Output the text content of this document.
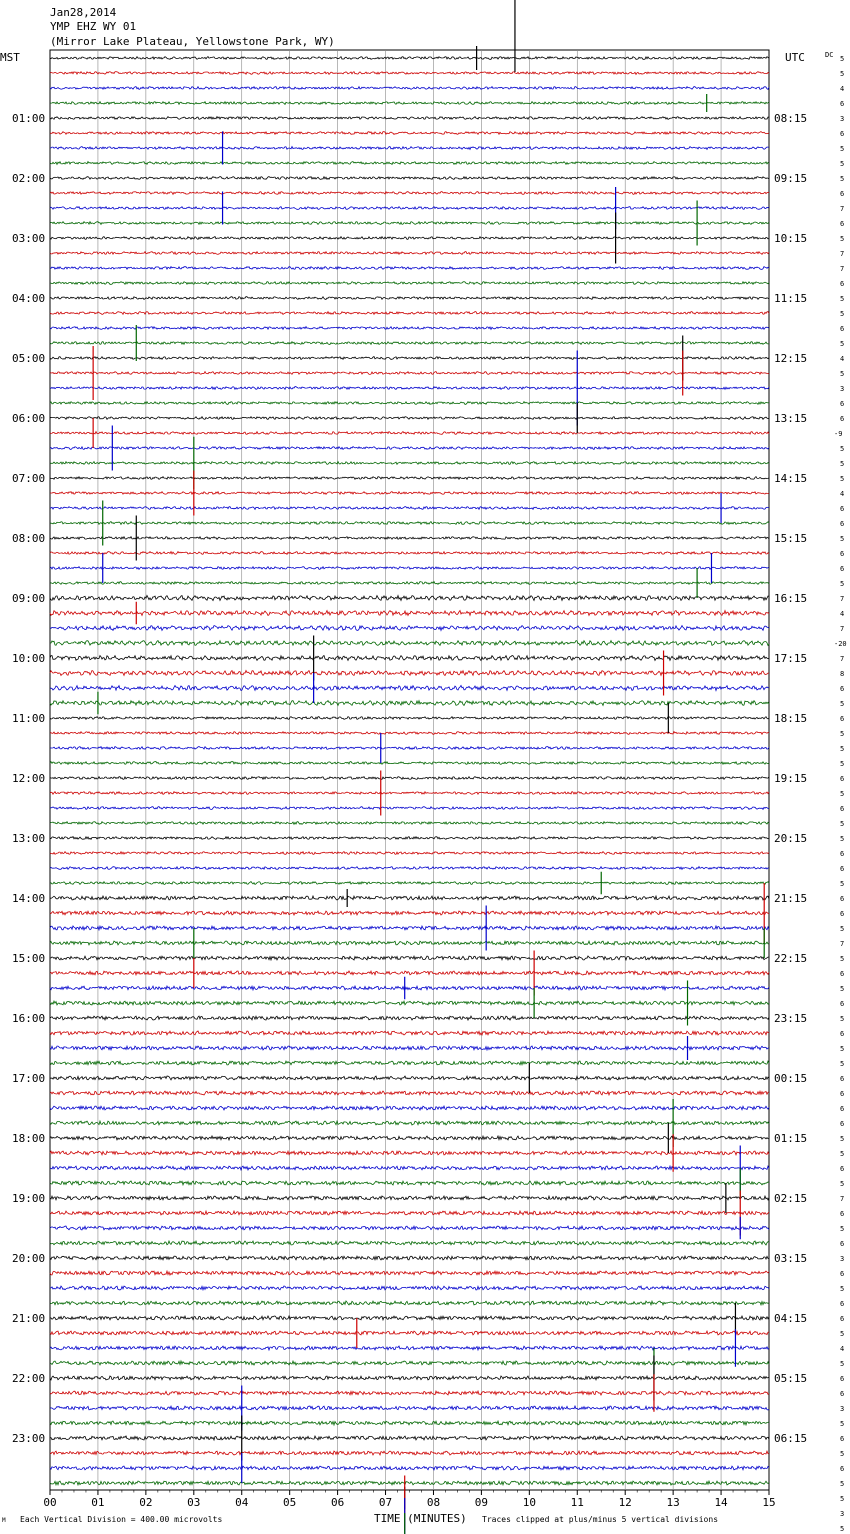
Jan28,2014
YMP EHZ WY 01
(Mirror Lake Plateau, Yellowstone Park, WY)
MST	UTC	DC
01:00
02:00
03:00
04:00
05:00
06:00
07:00
08:00
09:00
10:00
11:00
12:00
13:00
14:00
15:00
16:00
17:00
18:00
19:00
20:00
21:00
22:00
23:00
08:15
09:15
10:15
11:15
12:15
13:15
14:15
15:15
16:15
17:15
18:15
19:15
20:15
21:15
22:15
23:15
00:15
01:15
02:15
03:15
04:15
05:15
06:15
5
5
4
6
3
6
5
5
5
6
7
6
5
7
7
6
5
5
6
5
4
5
3
6
6
-9
5
5
5
4
6
6
5
6
6
5
7
4
7
-20
7
8
6
5
6
5
5
5
6
5
6
5
5
6
6
5
6
6
5
7
5
6
5
6
5
6
5
5
6
6
6
6
5
5
6
5
7
6
5
6
3
6
5
6
6
5
4
5
6
6
3
5
6
5
6
5
5
3
5
00	01	02	03	04	05	06	07	08	09	10	11	12	13	14	15
M Each Vertical Division = 400.00 microvolts	TIME (MINUTES) Traces clipped at plus/minus 5 vertical divisions
